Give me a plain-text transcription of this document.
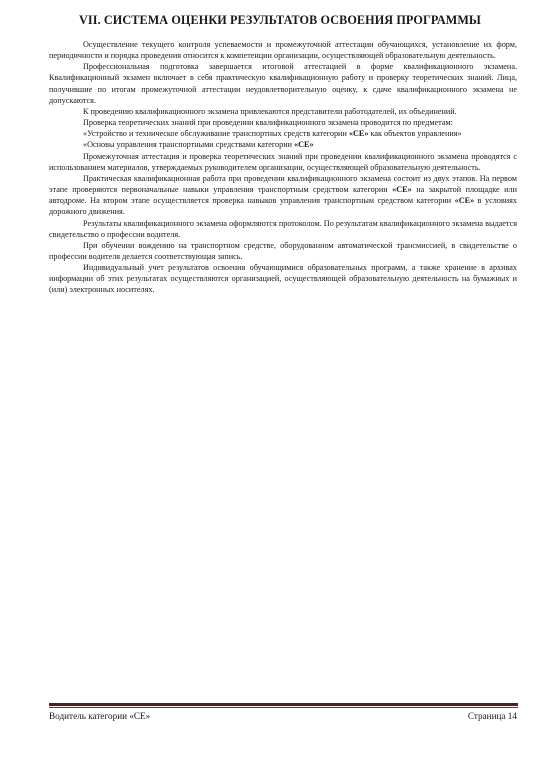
VII. СИСТЕМА ОЦЕНКИ РЕЗУЛЬТАТОВ ОСВОЕНИЯ ПРОГРАММЫ

Осуществление текущего контроля успеваемости и промежуточной аттестации обучающихся, установление их форм, периодичности и порядка проведения относится к компетенции организации, осуществляющей образовательную деятельность.

Профессиональная подготовка завершается итоговой аттестацией в форме квалификационного экзамена. Квалификационный экзамен включает в себя практическую квалификационную работу и проверку теоретических знаний. Лица, получившие по итогам промежуточной аттестации неудовлетворительную оценку, к сдаче квалификационного экзамена не допускаются.

К проведению квалификационного экзамена привлекаются представители работодателей, их объединений.

Проверка теоретических знаний при проведении квалификационного экзамена проводится по предметам:

«Устройство и техническое обслуживание транспортных средств категории «CE» как объектов управления»

«Основы управления транспортными средствами категории «CE»

Промежуточная аттестация и проверка теоретических знаний при проведении квалификационного экзамена проводятся с использованием материалов, утверждаемых руководителем организации, осуществляющей образовательную деятельность.

Практическая квалификационная работа при проведении квалификационного экзамена состоит из двух этапов. На первом этапе проверяются первоначальные навыки управления транспортным средством категории «CE» на закрытой площадке или автодроме. На втором этапе осуществляется проверка навыков управления транспортным средством категории «CE» в условиях дорожного движения.

Результаты квалификационного экзамена оформляются протоколом. По результатам квалификационного экзамена выдается свидетельство о профессии водителя.

При обучении вождению на транспортном средстве, оборудованном автоматической трансмиссией, в свидетельстве о профессии водителя делается соответствующая запись.

Индивидуальный учет результатов освоения обучающимися образовательных программ, а также хранение в архивах информации об этих результатах осуществляются организацией, осуществляющей образовательную деятельность на бумажных и (или) электронных носителях.

Водитель категории «CE»	Страница 14
